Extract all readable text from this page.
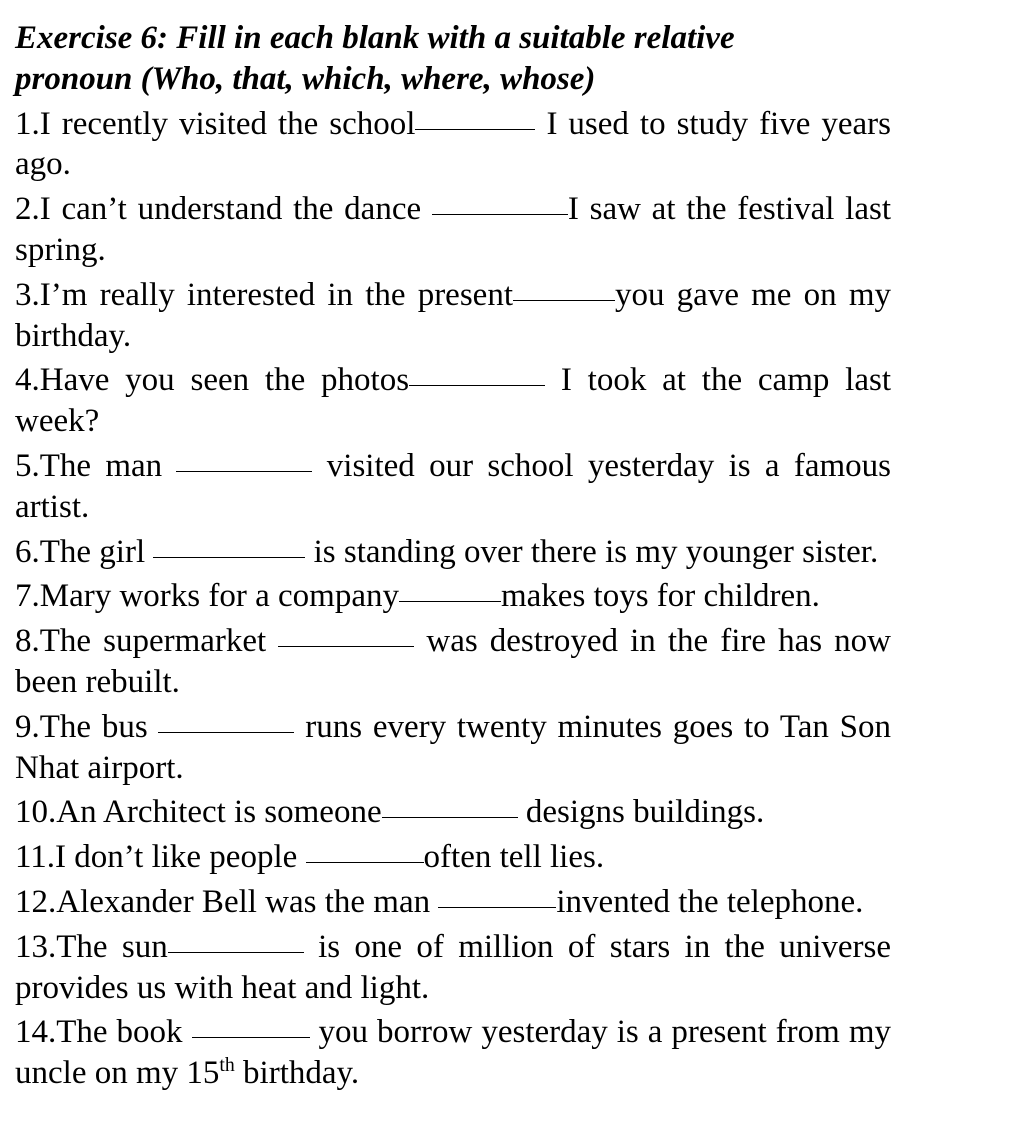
Exercise 6: Fill in each blank with a suitable relative pronoun (Who, that, which, where, whose)

1.I recently visited the school	I used to study five years ago.

2.I can’t understand the dance	I saw at the festival last spring.

3.I’m really interested in the present	you gave me on my birthday.

4.Have you seen the photos	I took at the camp last week?

5.The man	visited our school yesterday is a famous artist.

6.The girl	is standing over there is my younger sister.

7.Mary works for a company	makes toys for children.

8.The supermarket	was destroyed in the fire has now been rebuilt.

9.The bus	runs every twenty minutes goes to Tan Son Nhat airport.

10.An Architect is someone	designs buildings.

11.I don’t like people	often tell lies.

12.Alexander Bell was the man	invented the telephone.

13.The sun	is one of million of stars in the universe provides us with heat and light.

14.The book	you borrow yesterday is a present from my uncle on my 15th birthday.
